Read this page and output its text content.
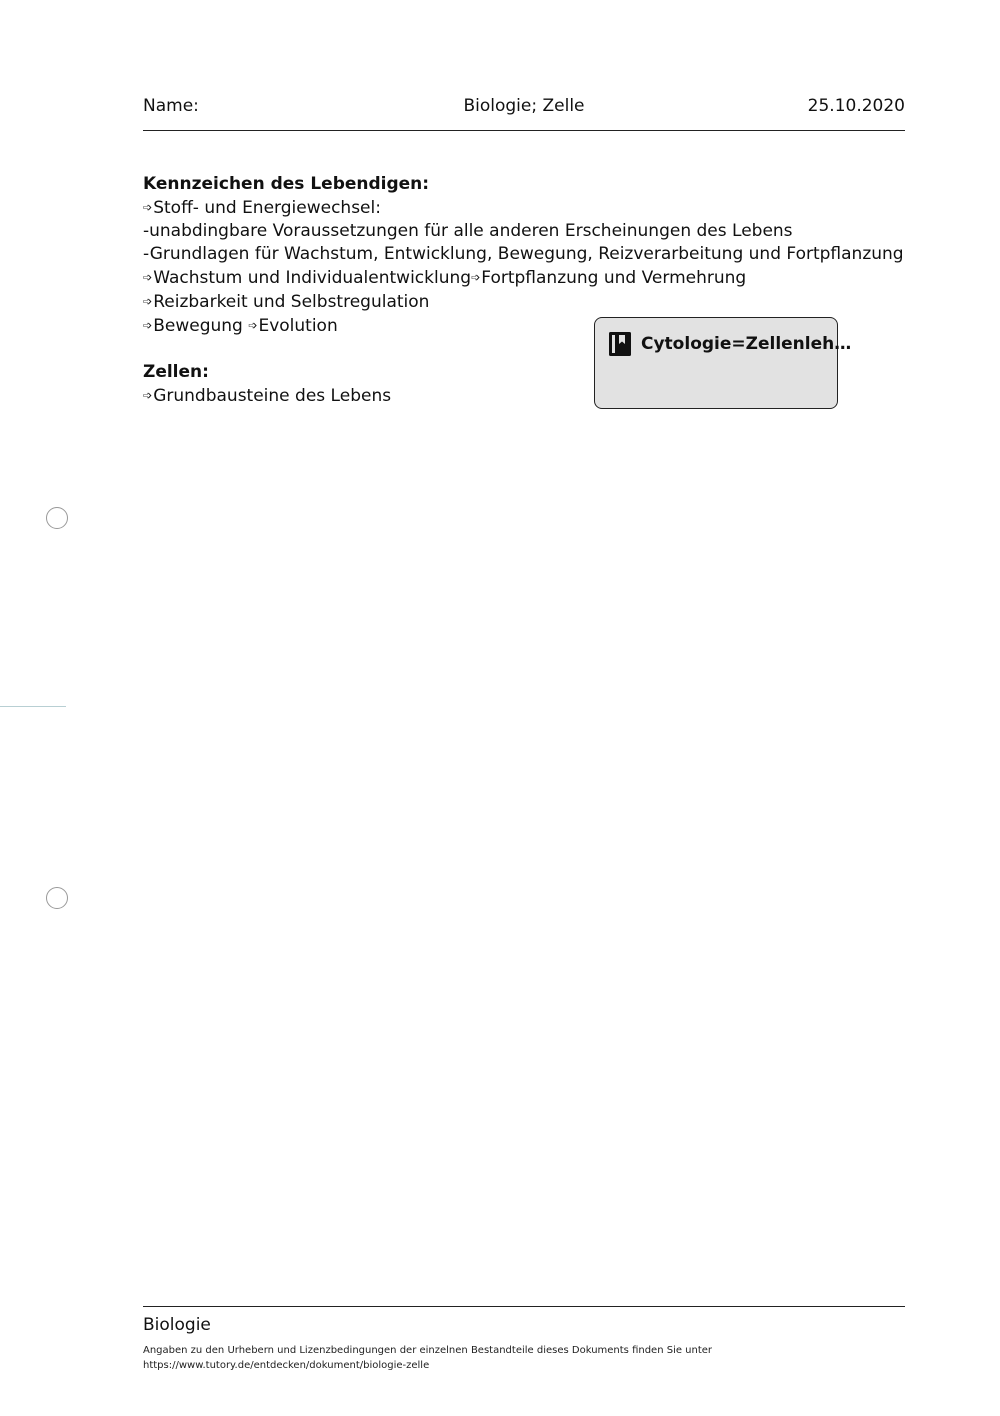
Name:	Biologie; Zelle	25.10.2020

Kennzeichen des Lebendigen:

➩Stoff- und Energiewechsel:

-unabdingbare Voraussetzungen für alle anderen Erscheinungen des Lebens

-Grundlagen für Wachstum, Entwicklung, Bewegung, Reizverarbeitung und Fortpflanzung

➩Wachstum und Individualentwicklung➩Fortpflanzung und Vermehrung

➩Reizbarkeit und Selbstregulation

➩Bewegung ➩Evolution

Zellen:

➩Grundbausteine des Lebens

Cytologie=Zellenleh…
Biologie
Angaben zu den Urhebern und Lizenzbedingungen der einzelnen Bestandteile dieses Dokuments finden Sie unter
https://www.tutory.de/entdecken/dokument/biologie-zelle
